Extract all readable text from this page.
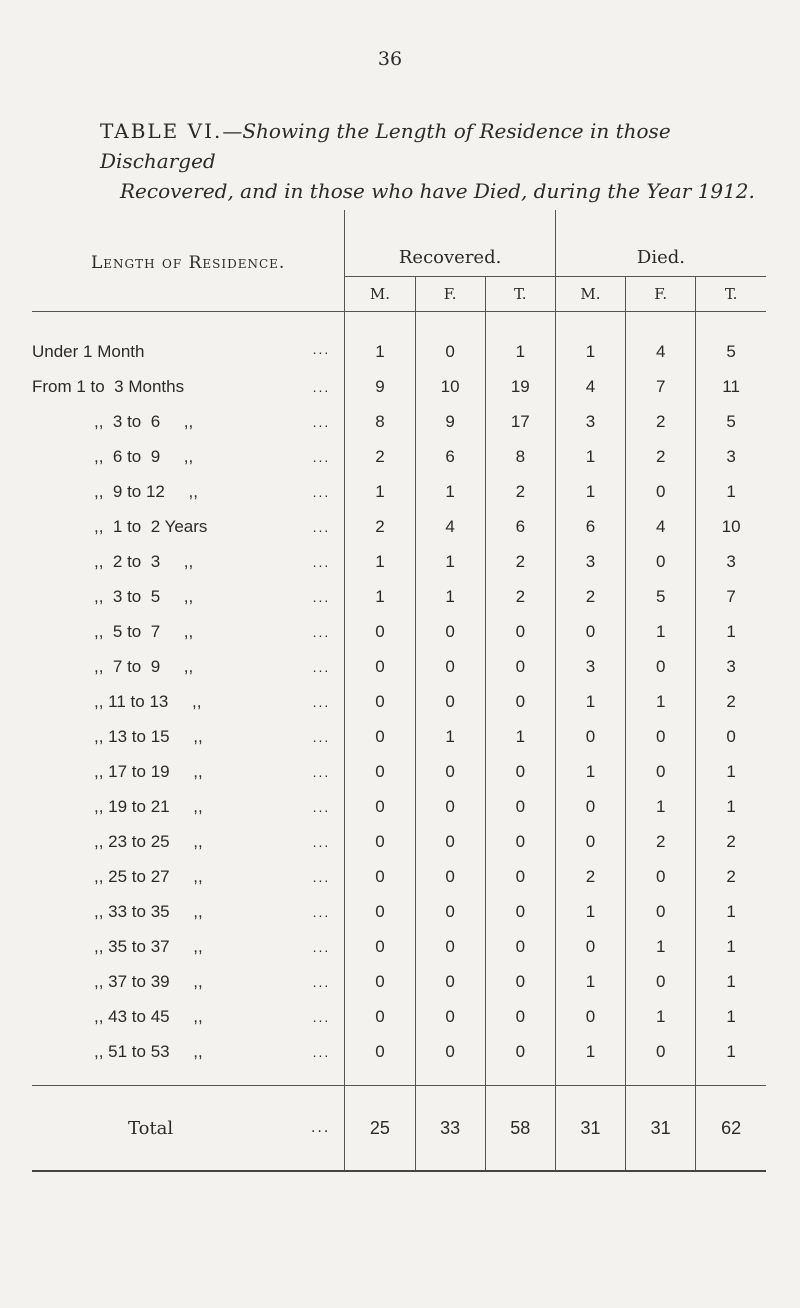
36
TABLE VI.—Showing the Length of Residence in those Discharged
Recovered, and in those who have Died, during the Year 1912.
Length of Residence.	Recovered.			Died.		
	M.	F.	T.	M.	F.	T.

Under 1 Month ...	1	0	1	1	4	5
From 1 to  3 Months ...	9	10	19	4	7	11
,,  3 to  6     ,, ...	8	9	17	3	2	5
,,  6 to  9     ,, ...	2	6	8	1	2	3
,,  9 to 12     ,, ...	1	1	2	1	0	1
,,  1 to  2 Years ...	2	4	6	6	4	10
,,  2 to  3     ,, ...	1	1	2	3	0	3
,,  3 to  5     ,, ...	1	1	2	2	5	7
,,  5 to  7     ,, ...	0	0	0	0	1	1
,,  7 to  9     ,, ...	0	0	0	3	0	3
,, 11 to 13     ,, ...	0	0	0	1	1	2
,, 13 to 15     ,, ...	0	1	1	0	0	0
,, 17 to 19     ,, ...	0	0	0	1	0	1
,, 19 to 21     ,, ...	0	0	0	0	1	1
,, 23 to 25     ,, ...	0	0	0	0	2	2
,, 25 to 27     ,, ...	0	0	0	2	0	2
,, 33 to 35     ,, ...	0	0	0	1	0	1
,, 35 to 37     ,, ...	0	0	0	0	1	1
,, 37 to 39     ,, ...	0	0	0	1	0	1
,, 43 to 45     ,, ...	0	0	0	0	1	1
,, 51 to 53     ,, ...	0	0	0	1	0	1

Total ...	25	33	58	31	31	62
